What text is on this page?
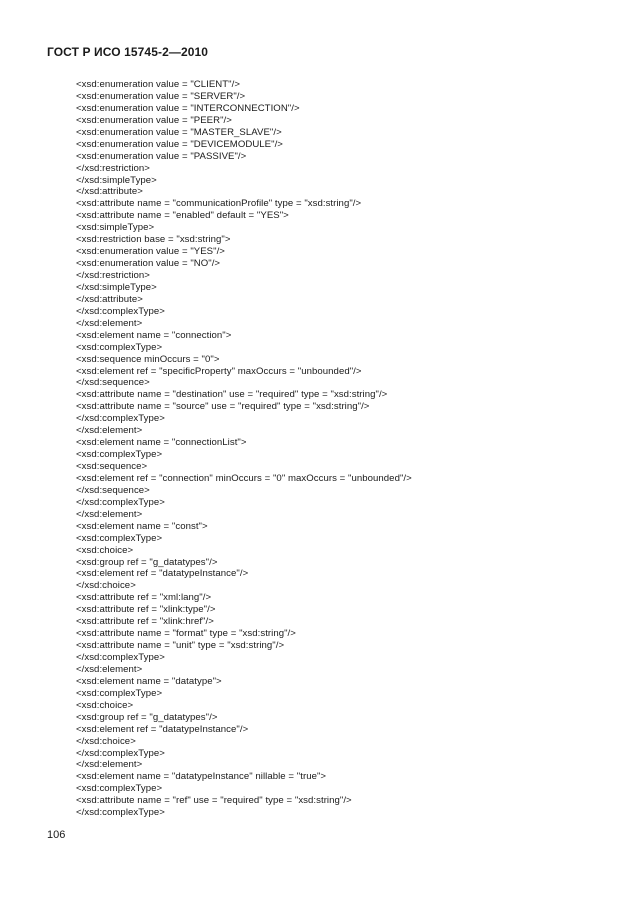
ГОСТ Р ИСО 15745-2—2010
<xsd:enumeration value = "CLIENT"/>
<xsd:enumeration value = "SERVER"/>
<xsd:enumeration value = "INTERCONNECTION"/>
<xsd:enumeration value = "PEER"/>
<xsd:enumeration value = "MASTER_SLAVE"/>
<xsd:enumeration value = "DEVICEMODULE"/>
<xsd:enumeration value = "PASSIVE"/>
</xsd:restriction>
</xsd:simpleType>
</xsd:attribute>
<xsd:attribute name = "communicationProfile" type = "xsd:string"/>
<xsd:attribute name = "enabled" default = "YES">
<xsd:simpleType>
<xsd:restriction base = "xsd:string">
<xsd:enumeration value = "YES"/>
<xsd:enumeration value = "NO"/>
</xsd:restriction>
</xsd:simpleType>
</xsd:attribute>
</xsd:complexType>
</xsd:element>
<xsd:element name = "connection">
<xsd:complexType>
<xsd:sequence minOccurs = "0">
<xsd:element ref = "specificProperty" maxOccurs = "unbounded"/>
</xsd:sequence>
<xsd:attribute name = "destination" use = "required" type = "xsd:string"/>
<xsd:attribute name = "source" use = "required" type = "xsd:string"/>
</xsd:complexType>
</xsd:element>
<xsd:element name = "connectionList">
<xsd:complexType>
<xsd:sequence>
<xsd:element ref = "connection" minOccurs = "0" maxOccurs = "unbounded"/>
</xsd:sequence>
</xsd:complexType>
</xsd:element>
<xsd:element name = "const">
<xsd:complexType>
<xsd:choice>
<xsd:group ref = "g_datatypes"/>
<xsd:element ref = "datatypeInstance"/>
</xsd:choice>
<xsd:attribute ref = "xml:lang"/>
<xsd:attribute ref = "xlink:type"/>
<xsd:attribute ref = "xlink:href"/>
<xsd:attribute name = "format" type = "xsd:string"/>
<xsd:attribute name = "unit" type = "xsd:string"/>
</xsd:complexType>
</xsd:element>
<xsd:element name = "datatype">
<xsd:complexType>
<xsd:choice>
<xsd:group ref = "g_datatypes"/>
<xsd:element ref = "datatypeInstance"/>
</xsd:choice>
</xsd:complexType>
</xsd:element>
<xsd:element name = "datatypeInstance" nillable = "true">
<xsd:complexType>
<xsd:attribute name = "ref" use = "required" type = "xsd:string"/>
</xsd:complexType>
106
